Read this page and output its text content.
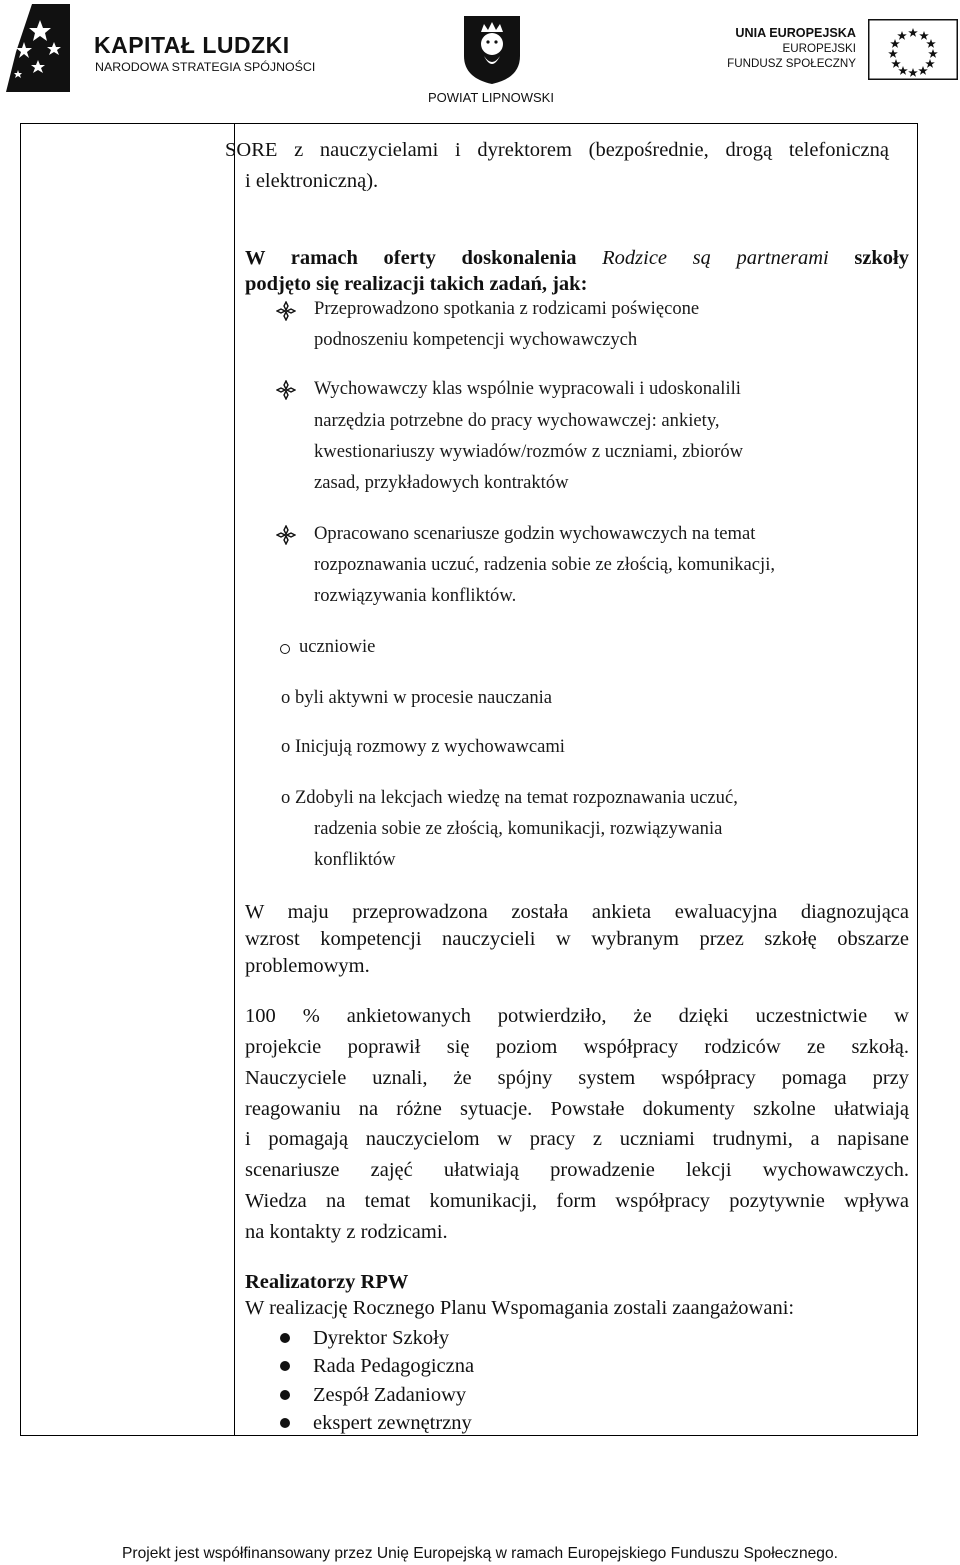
KAPITAŁ LUDZKI
NARODOWA STRATEGIA SPÓJNOŚCI
POWIAT LIPNOWSKI
UNIA EUROPEJSKA
EUROPEJSKI
FUNDUSZ SPOŁECZNY
SORE z nauczycielami i dyrektorem (bezpośrednie, drogą telefoniczną
i elektroniczną).
W ramach oferty doskonalenia Rodzice są partnerami szkoły
podjęto się realizacji takich zadań, jak:
Przeprowadzono spotkania z rodzicami poświęcone
podnoszeniu kompetencji wychowawczych
Wychowawczy klas wspólnie wypracowali i udoskonalili
narzędzia potrzebne do pracy wychowawczej: ankiety,
kwestionariuszy wywiadów/rozmów z uczniami, zbiorów
zasad, przykładowych kontraktów
Opracowano scenariusze godzin wychowawczych na temat
rozpoznawania uczuć, radzenia sobie ze złością, komunikacji,
rozwiązywania konfliktów.
uczniowie
o byli aktywni w procesie nauczania
o Inicjują rozmowy z wychowawcami
o Zdobyli na lekcjach wiedzę na temat rozpoznawania uczuć,
radzenia sobie ze złością, komunikacji, rozwiązywania
konfliktów
W maju przeprowadzona została ankieta ewaluacyjna diagnozująca
wzrost kompetencji nauczycieli w wybranym przez szkołę obszarze
problemowym.
100 % ankietowanych potwierdziło, że dzięki uczestnictwie w
projekcie poprawił się poziom współpracy rodziców ze szkołą.
Nauczyciele uznali, że spójny system współpracy pomaga przy
reagowaniu na różne sytuacje. Powstałe dokumenty szkolne ułatwiają
i pomagają nauczycielom w pracy z uczniami trudnymi, a napisane
scenariusze zajęć ułatwiają prowadzenie lekcji wychowawczych.
Wiedza na temat komunikacji, form współpracy pozytywnie wpływa
na kontakty z rodzicami.
Realizatorzy RPW
W realizację Rocznego Planu Wspomagania zostali zaangażowani:
Dyrektor Szkoły
Rada Pedagogiczna
Zespół Zadaniowy
ekspert zewnętrzny
Projekt jest współfinansowany przez Unię Europejską w ramach Europejskiego Funduszu Społecznego.
